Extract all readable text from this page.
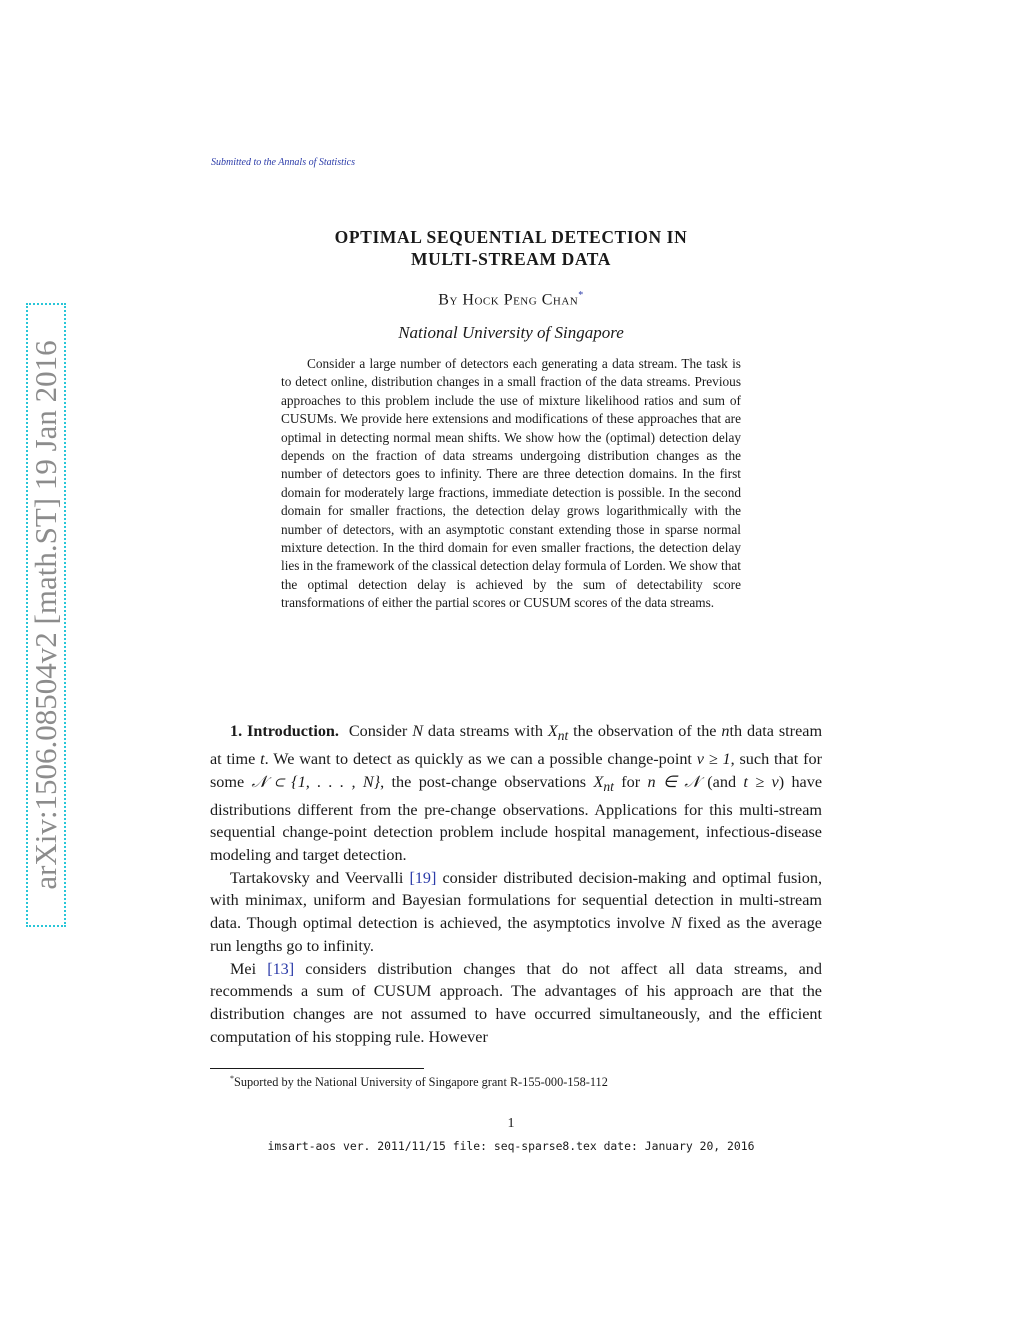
arXiv:1506.08504v2 [math.ST] 19 Jan 2016
Submitted to the Annals of Statistics
OPTIMAL SEQUENTIAL DETECTION IN
MULTI-STREAM DATA
By Hock Peng Chan*
National University of Singapore

Consider a large number of detectors each generating a data stream. The task is to detect online, distribution changes in a small fraction of the data streams. Previous approaches to this problem include the use of mixture likelihood ratios and sum of CUSUMs. We provide here extensions and modifications of these approaches that are optimal in detecting normal mean shifts. We show how the (optimal) detection delay depends on the fraction of data streams undergoing distribution changes as the number of detectors goes to infinity. There are three detection domains. In the first domain for moderately large fractions, immediate detection is possible. In the second domain for smaller fractions, the detection delay grows logarithmically with the number of detectors, with an asymptotic constant extending those in sparse normal mixture detection. In the third domain for even smaller fractions, the detection delay lies in the framework of the classical detection delay formula of Lorden. We show that the optimal detection delay is achieved by the sum of detectability score transformations of either the partial scores or CUSUM scores of the data streams.

1. Introduction. Consider N data streams with $X_{nt}$ the observation of the nth data stream at time t. We want to detect as quickly as we can a possible change-point ν ≥ 1, such that for some 𝒩 ⊂ {1, . . . , N}, the post-change observations $X_{nt}$ for n ∈ 𝒩 (and t ≥ ν) have distributions different from the pre-change observations. Applications for this multi-stream sequential change-point detection problem include hospital management, infectious-disease modeling and target detection.

Tartakovsky and Veervalli [19] consider distributed decision-making and optimal fusion, with minimax, uniform and Bayesian formulations for sequential detection in multi-stream data. Though optimal detection is achieved, the asymptotics involve N fixed as the average run lengths go to infinity.

Mei [13] considers distribution changes that do not affect all data streams, and recommends a sum of CUSUM approach. The advantages of his approach are that the distribution changes are not assumed to have occurred simultaneously, and the efficient computation of his stopping rule. However

*Suported by the National University of Singapore grant R-155-000-158-112
1
imsart-aos ver. 2011/11/15 file: seq-sparse8.tex date: January 20, 2016
